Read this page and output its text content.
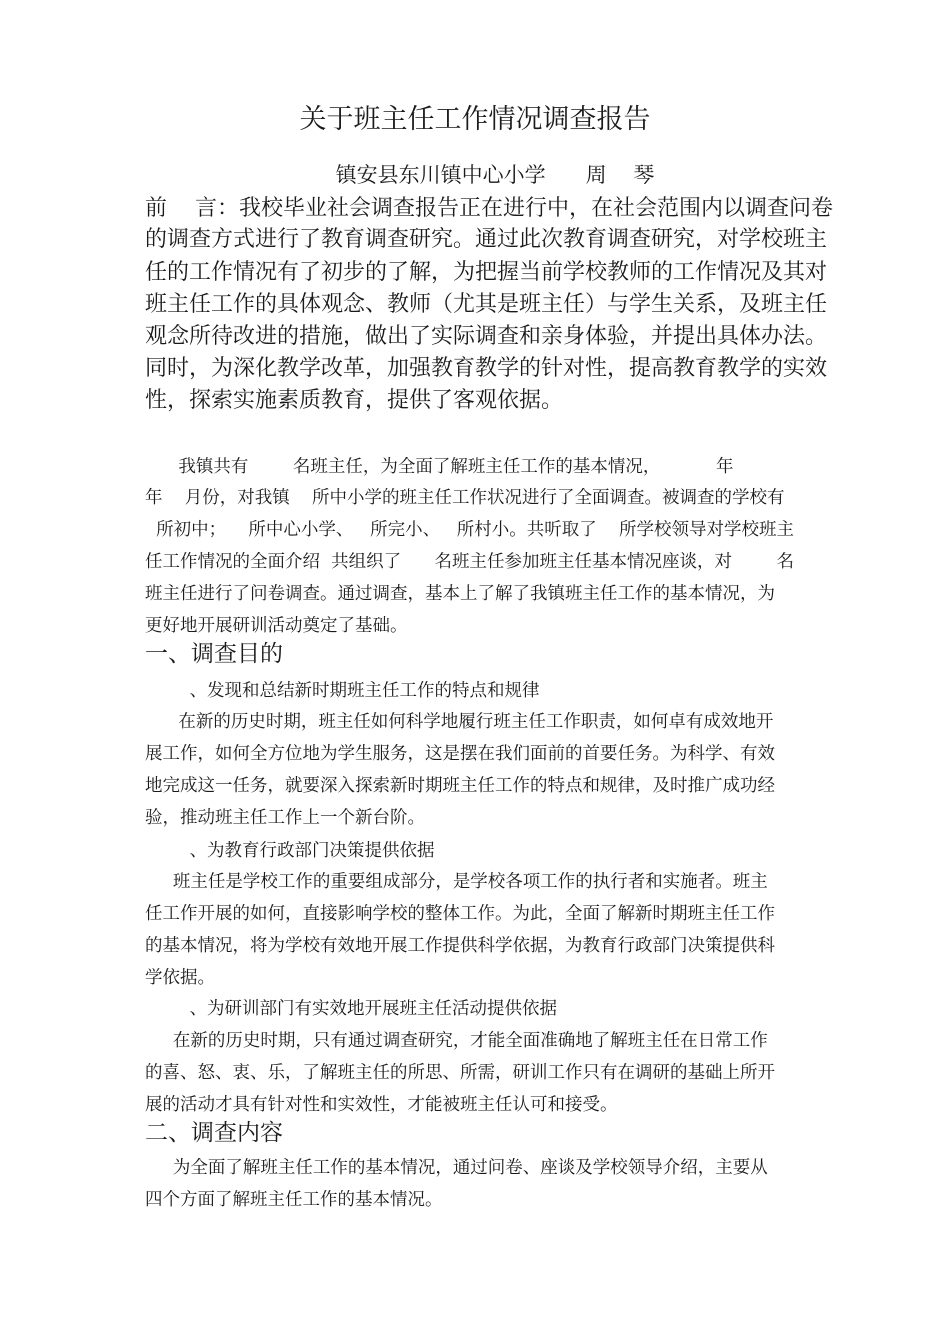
关于班主任工作情况调查报告
镇安县东川镇中心小学      周    琴
前    言：我校毕业社会调查报告正在进行中，在社会范围内以调查问卷
的调查方式进行了教育调查研究。通过此次教育调查研究，对学校班主
任的工作情况有了初步的了解，为把握当前学校教师的工作情况及其对
班主任工作的具体观念、教师（尤其是班主任）与学生关系，及班主任
观念所待改进的措施，做出了实际调查和亲身体验，并提出具体办法。
同时，为深化教学改革，加强教育教学的针对性，提高教育教学的实效
性，探索实施素质教育，提供了客观依据。
我镇共有        名班主任，为全面了解班主任工作的基本情况，          年
年    月份，对我镇    所中小学的班主任工作状况进行了全面调查。被调查的学校有
所初中；    所中心小学、   所完小、   所村小。共听取了    所学校领导对学校班主
任工作情况的全面介绍  共组织了      名班主任参加班主任基本情况座谈，对        名
班主任进行了问卷调查。通过调查，基本上了解了我镇班主任工作的基本情况，为
更好地开展研训活动奠定了基础。
一、调查目的
、发现和总结新时期班主任工作的特点和规律
在新的历史时期，班主任如何科学地履行班主任工作职责，如何卓有成效地开
展工作，如何全方位地为学生服务，这是摆在我们面前的首要任务。为科学、有效
地完成这一任务，就要深入探索新时期班主任工作的特点和规律，及时推广成功经
验，推动班主任工作上一个新台阶。
、为教育行政部门决策提供依据
班主任是学校工作的重要组成部分，是学校各项工作的执行者和实施者。班主
任工作开展的如何，直接影响学校的整体工作。为此，全面了解新时期班主任工作
的基本情况，将为学校有效地开展工作提供科学依据，为教育行政部门决策提供科
学依据。
、为研训部门有实效地开展班主任活动提供依据
在新的历史时期，只有通过调查研究，才能全面准确地了解班主任在日常工作
的喜、怒、衷、乐，了解班主任的所思、所需，研训工作只有在调研的基础上所开
展的活动才具有针对性和实效性，才能被班主任认可和接受。
二、调查内容
为全面了解班主任工作的基本情况，通过问卷、座谈及学校领导介绍，主要从
四个方面了解班主任工作的基本情况。
